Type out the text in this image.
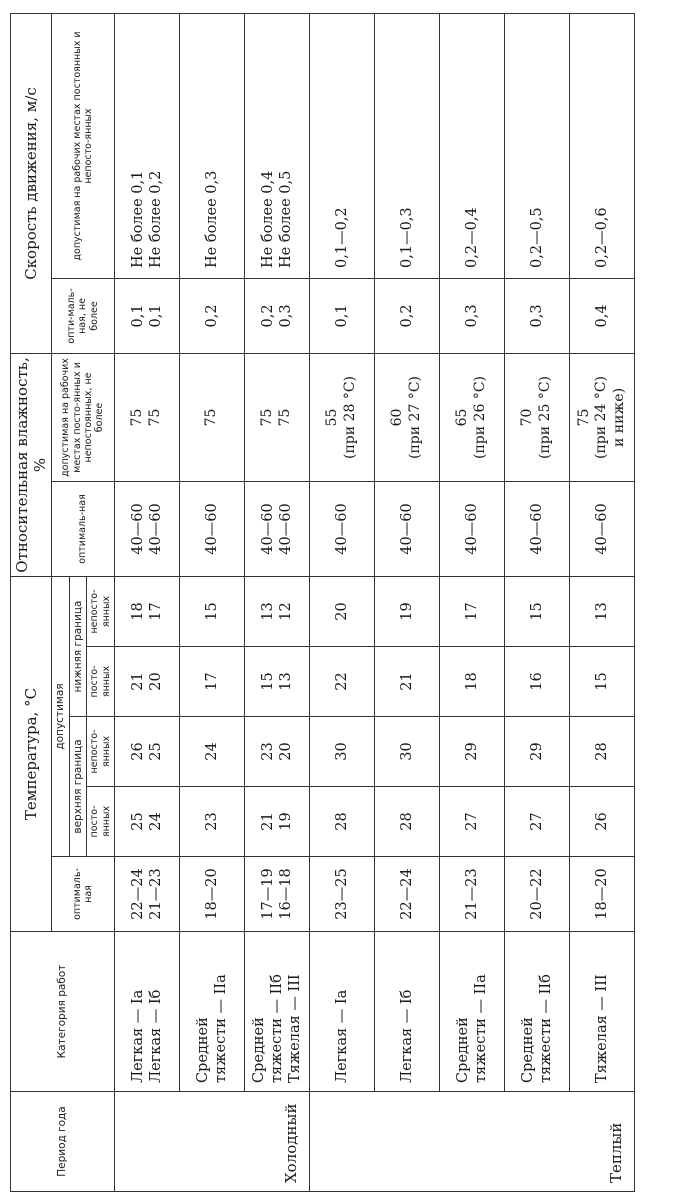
Период года	Категория работ	Температура, °C					Относительная влажность, %		Скорость движения, м/с	
		оптималь-ная	допустимая				оптималь-ная	допустимая на рабочих местах посто-янных и непостоянных, не более	опти-маль-ная, не более	допустимая на рабочих местах постоянных и непосто-янных
			верхняя граница		нижняя граница					
			посто-янных	непосто-янных	посто-янных	непосто-янных				

Холодный	Легкая — Iа Легкая — Iб	22—24 21—23	25 24	26 25	21 20	18 17	40—60 40—60	75 75	0,1 0,1	Не более 0,1 Не более 0,2

	Средней тяжести — IIа	18—20	23	24	17	15	40—60	75	0,2	Не более 0,3

	Средней тяжести — IIб Тяжелая — III	17—19 16—18	21 19	23 20	15 13	13 12	40—60 40—60	75 75	0,2 0,3	Не более 0,4 Не более 0,5

Теплый	Легкая — Iа	23—25	28	30	22	20	40—60	55 (при 28 °C)	0,1	0,1—0,2

	Легкая — Iб	22—24	28	30	21	19	40—60	60 (при 27 °C)	0,2	0,1—0,3

	Средней тяжести — IIа	21—23	27	29	18	17	40—60	65 (при 26 °C)	0,3	0,2—0,4

	Средней тяжести — IIб	20—22	27	29	16	15	40—60	70 (при 25 °C)	0,3	0,2—0,5

	Тяжелая — III	18—20	26	28	15	13	40—60	75 (при 24 °C) и ниже)	0,4	0,2—0,6
